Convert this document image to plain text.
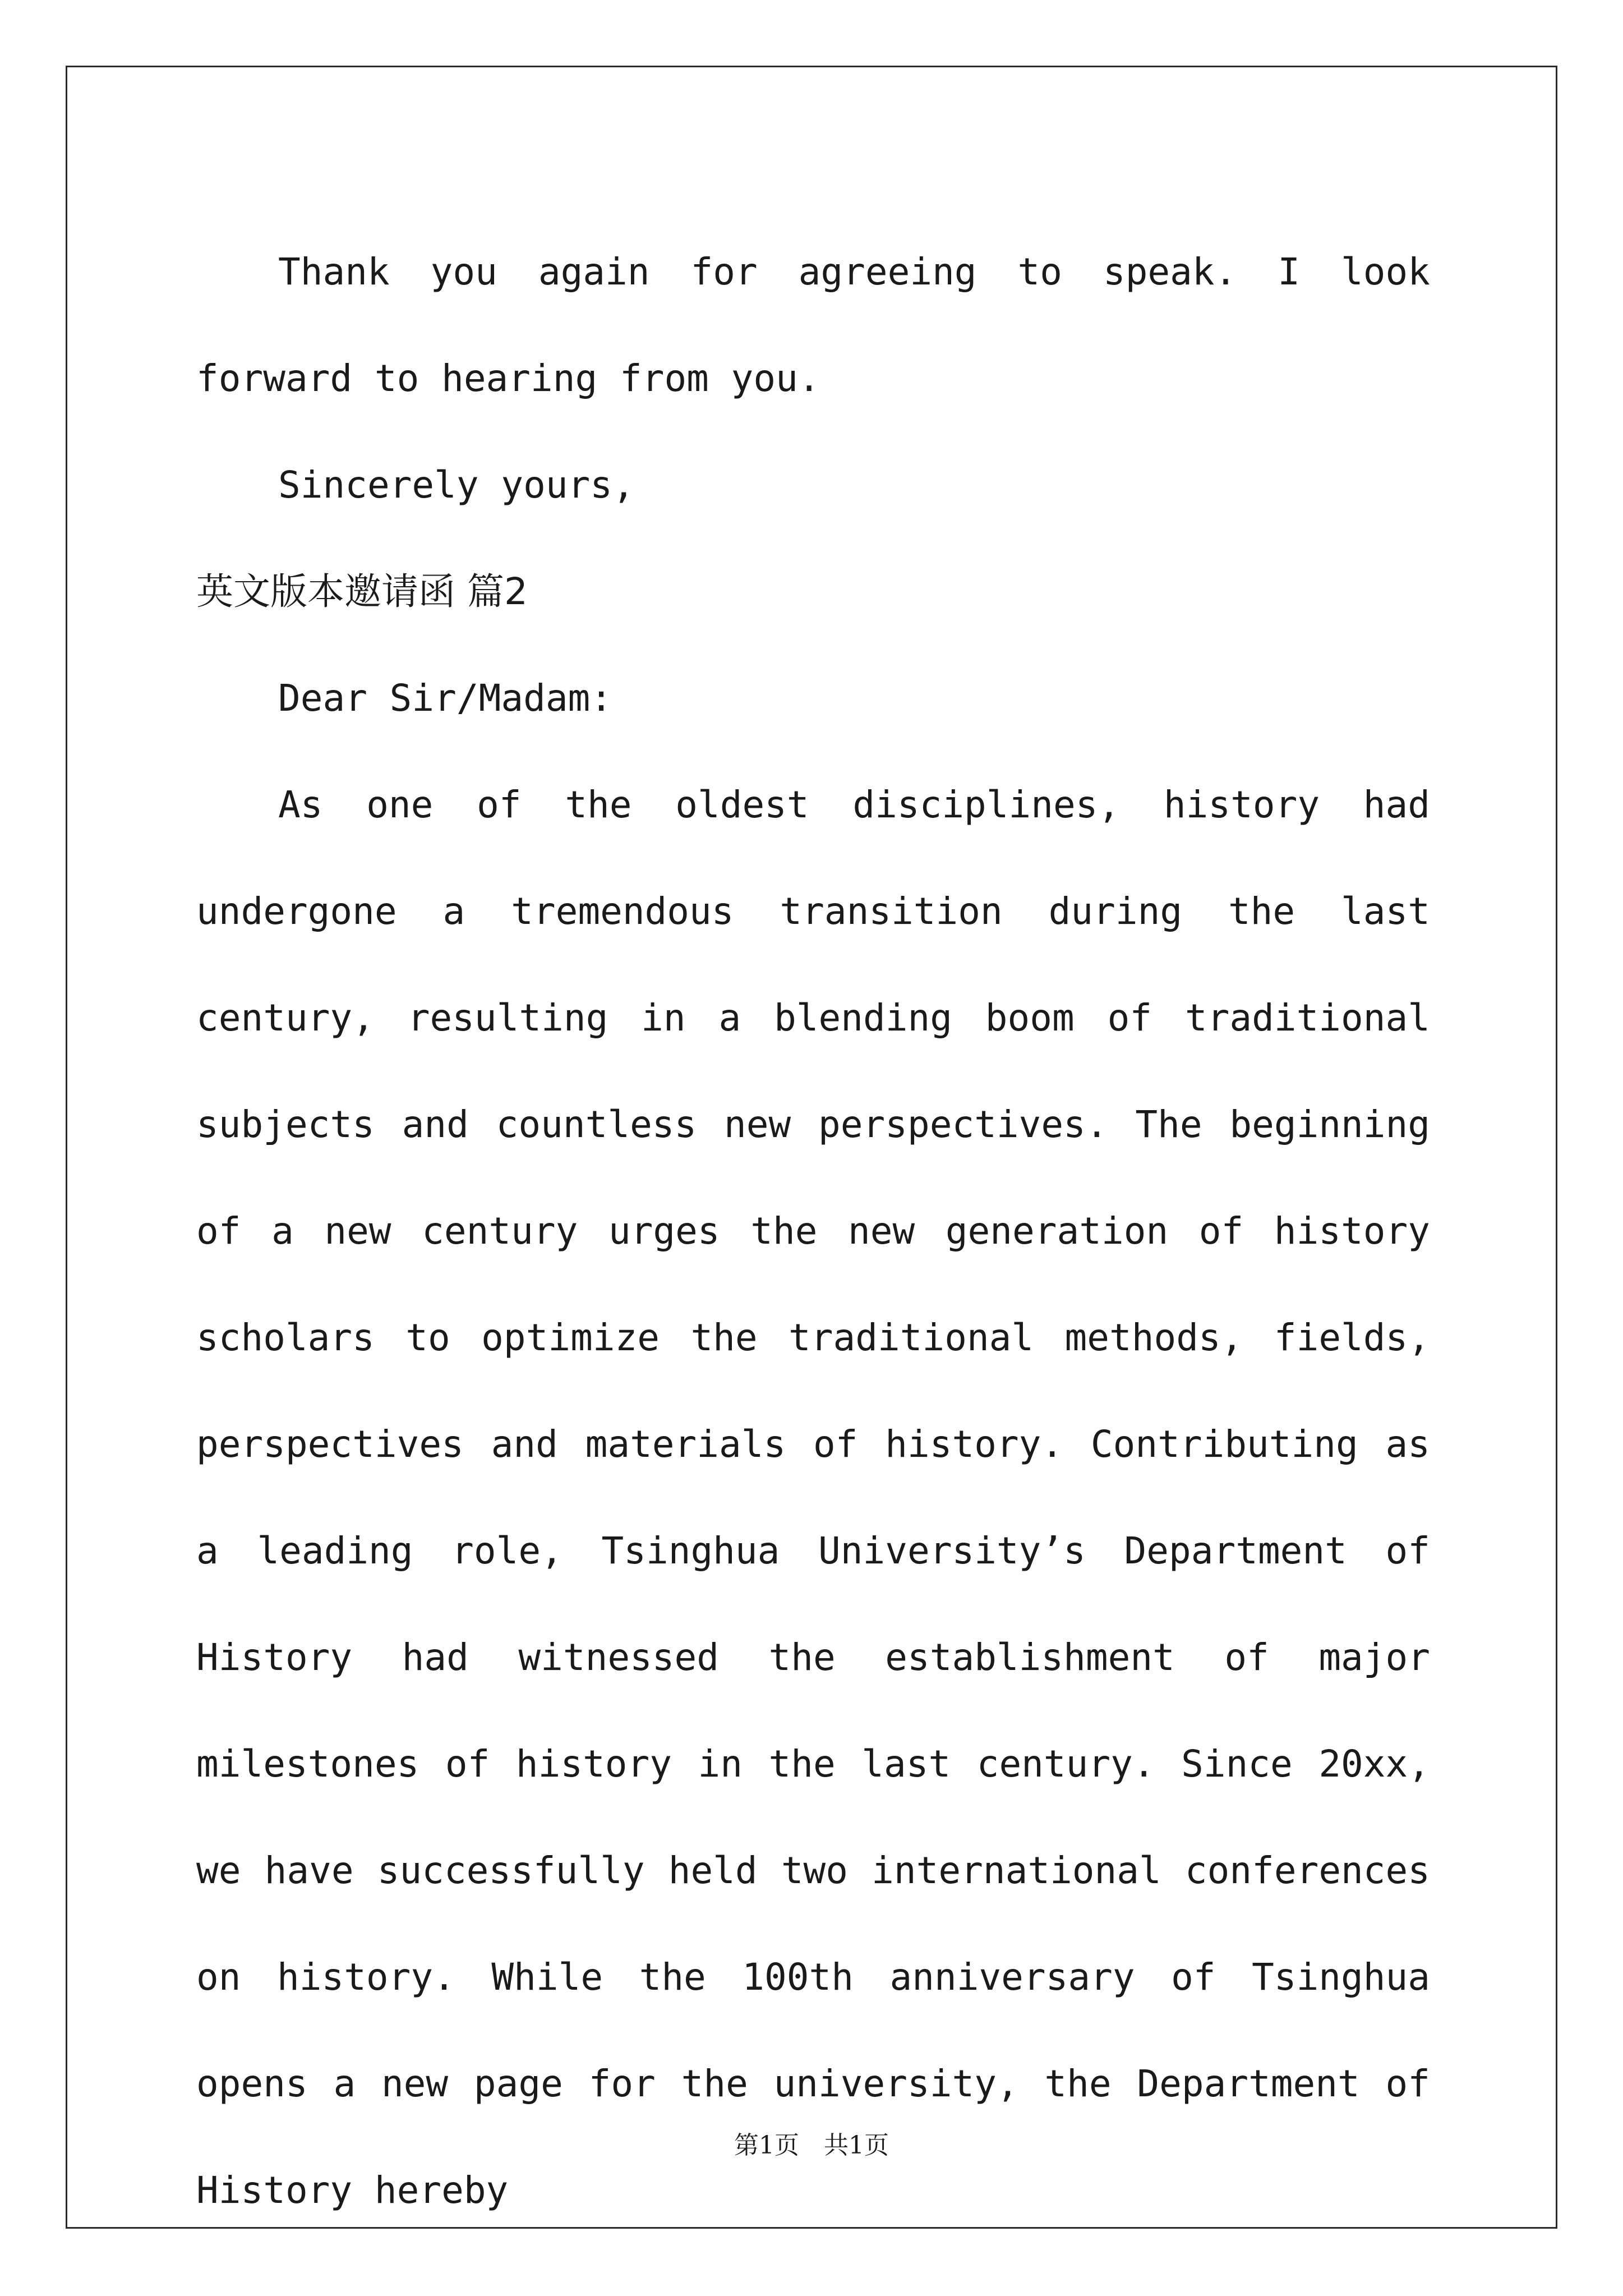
Thank you again for agreeing to speak. I look forward to hearing from you.

Sincerely yours,

英文版本邀请函 篇2

Dear Sir/Madam:

As one of the oldest disciplines, history had undergone a tremendous transition during the last century, resulting in a blending boom of traditional subjects and countless new perspectives. The beginning of a new century urges the new generation of history scholars to optimize the traditional methods, fields, perspectives and materials of history. Contributing as a leading role, Tsinghua University’s Department of History had witnessed the establishment of major milestones of history in the last century. Since 20xx, we have successfully held two international conferences on history. While the 100th anniversary of Tsinghua opens a new page for the university, the Department of History hereby

第1页　共1页
